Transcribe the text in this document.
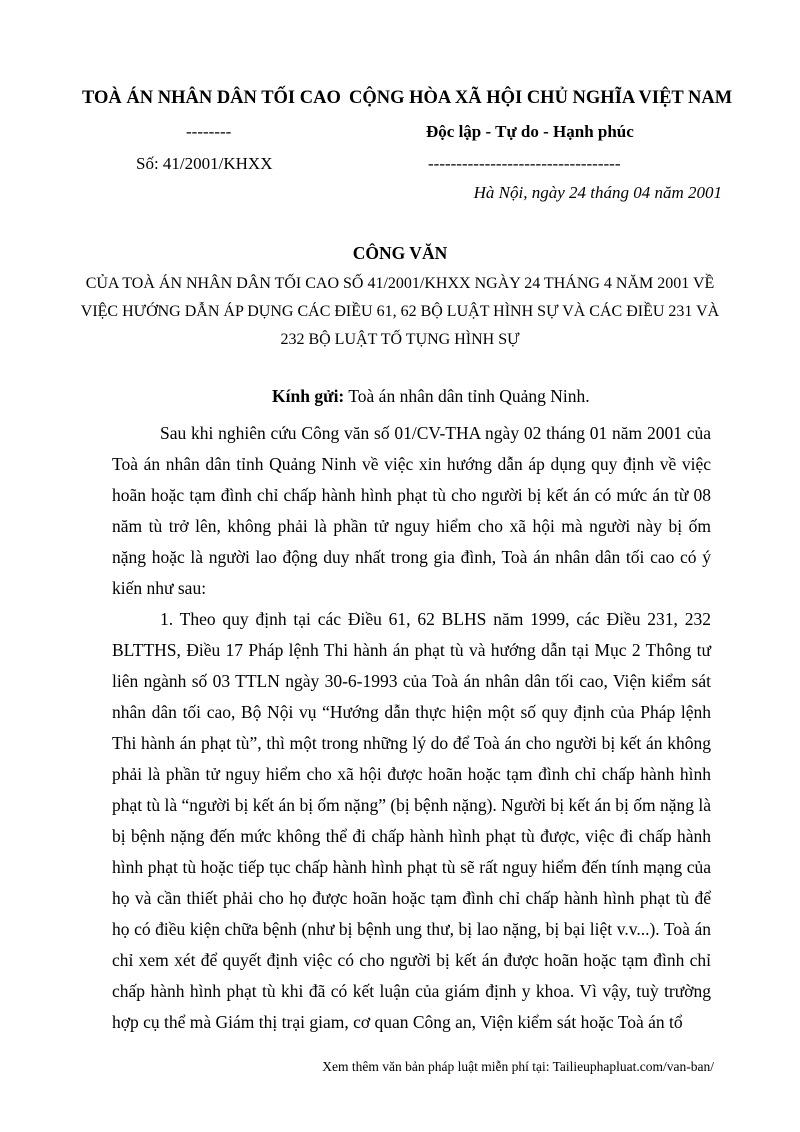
TOÀ ÁN NHÂN DÂN TỐI CAO CỘNG HÒA XÃ HỘI CHỦ NGHĨA VIỆT NAM
--------	Độc lập - Tự do - Hạnh phúc
Số: 41/2001/KHXX	----------------------------------
Hà Nội, ngày 24 tháng 04 năm 2001
CÔNG VĂN
CỦA TOÀ ÁN NHÂN DÂN TỐI CAO SỐ 41/2001/KHXX NGÀY 24 THÁNG 4 NĂM 2001 VỀ VIỆC HƯỚNG DẪN ÁP DỤNG CÁC ĐIỀU 61, 62 BỘ LUẬT HÌNH SỰ VÀ CÁC ĐIỀU 231 VÀ 232 BỘ LUẬT TỐ TỤNG HÌNH SỰ
Kính gửi: Toà án nhân dân tỉnh Quảng Ninh.

Sau khi nghiên cứu Công văn số 01/CV-THA ngày 02 tháng 01 năm 2001 của Toà án nhân dân tỉnh Quảng Ninh về việc xin hướng dẫn áp dụng quy định về việc hoãn hoặc tạm đình chỉ chấp hành hình phạt tù cho người bị kết án có mức án từ 08 năm tù trở lên, không phải là phần tử nguy hiểm cho xã hội mà người này bị ốm nặng hoặc là người lao động duy nhất trong gia đình, Toà án nhân dân tối cao có ý kiến như sau:

1. Theo quy định tại các Điều 61, 62 BLHS năm 1999, các Điều 231, 232 BLTTHS, Điều 17 Pháp lệnh Thi hành án phạt tù và hướng dẫn tại Mục 2 Thông tư liên ngành số 03 TTLN ngày 30-6-1993 của Toà án nhân dân tối cao, Viện kiểm sát nhân dân tối cao, Bộ Nội vụ “Hướng dẫn thực hiện một số quy định của Pháp lệnh Thi hành án phạt tù”, thì một trong những lý do để Toà án cho người bị kết án không phải là phần tử nguy hiểm cho xã hội được hoãn hoặc tạm đình chỉ chấp hành hình phạt tù là “người bị kết án bị ốm nặng” (bị bệnh nặng). Người bị kết án bị ốm nặng là bị bệnh nặng đến mức không thể đi chấp hành hình phạt tù được, việc đi chấp hành hình phạt tù hoặc tiếp tục chấp hành hình phạt tù sẽ rất nguy hiểm đến tính mạng của họ và cần thiết phải cho họ được hoãn hoặc tạm đình chỉ chấp hành hình phạt tù để họ có điều kiện chữa bệnh (như bị bệnh ung thư, bị lao nặng, bị bại liệt v.v...). Toà án chỉ xem xét để quyết định việc có cho người bị kết án được hoãn hoặc tạm đình chỉ chấp hành hình phạt tù khi đã có kết luận của giám định y khoa. Vì vậy, tuỳ trường hợp cụ thể mà Giám thị trại giam, cơ quan Công an, Viện kiểm sát hoặc Toà án tổ

Xem thêm văn bản pháp luật miễn phí tại: Tailieuphapluat.com/van-ban/
